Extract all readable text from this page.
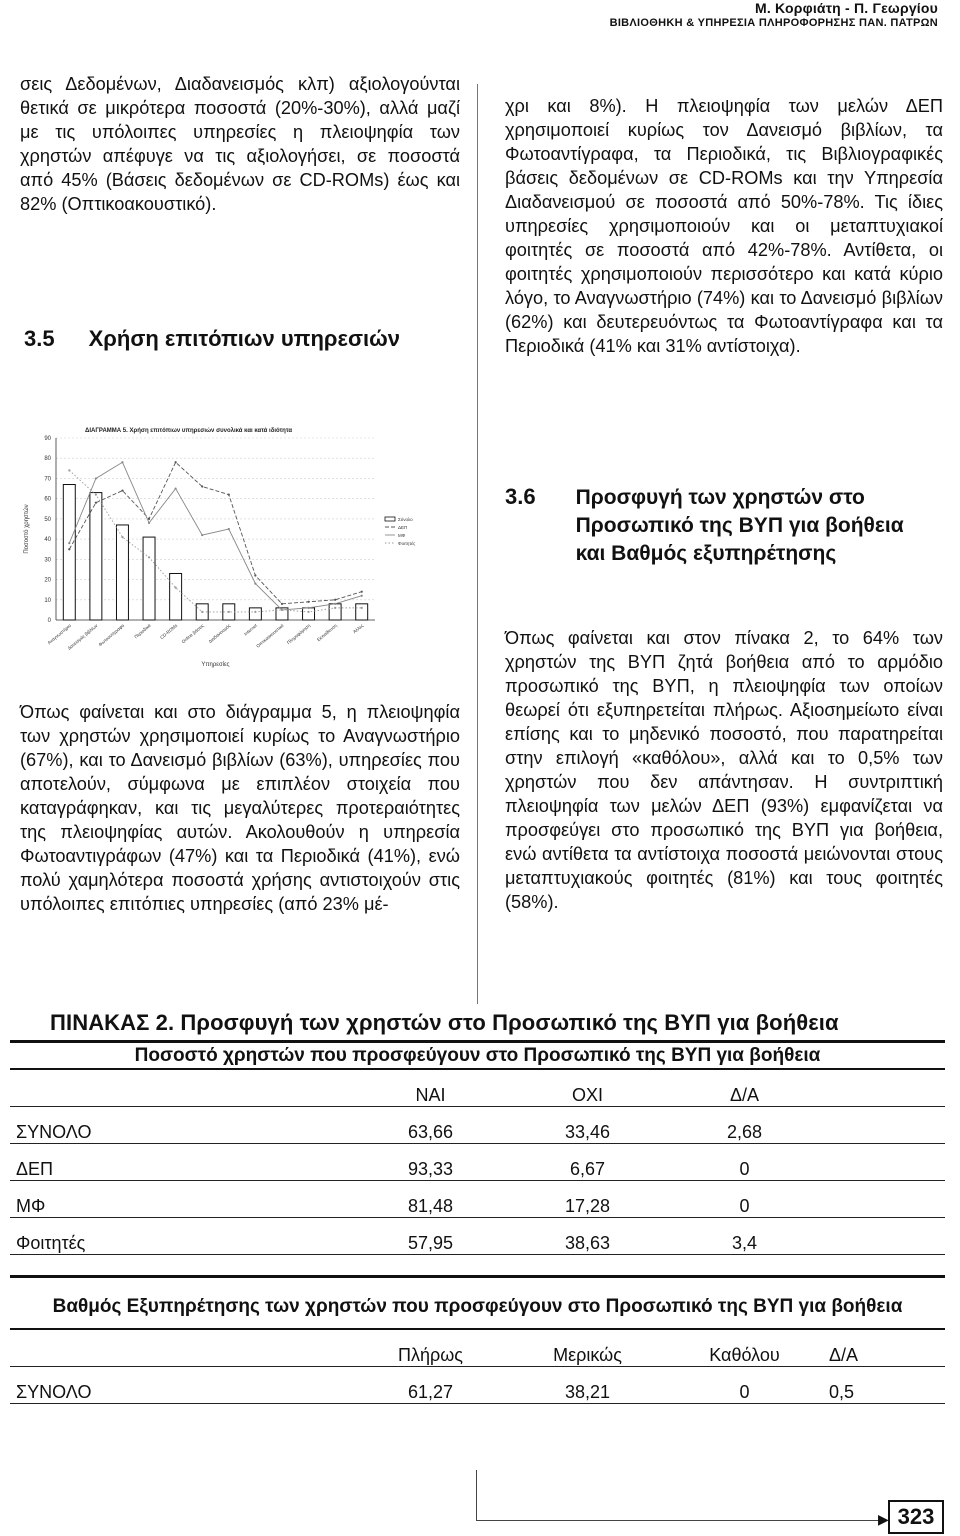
Μ. Κορφιάτη - Π. Γεωργίου
ΒΙΒΛΙΟΘΗΚΗ & ΥΠΗΡΕΣΙΑ ΠΛΗΡΟΦΟΡΗΣΗΣ ΠΑΝ. ΠΑΤΡΩΝ

σεις Δεδομένων, Διαδανεισμός κλπ) αξιολογούνται θετικά σε μικρότερα ποσοστά (20%-30%), αλλά μαζί με τις υπόλοιπες υπηρεσίες η πλειοψηφία των χρηστών απέφυγε να τις αξιολογήσει, σε ποσοστά από 45% (Βάσεις δεδομένων σε CD-ROMs) έως και 82% (Οπτικοακουστικό).

3.5 Χρήση επιτόπιων υπηρεσιών

χρι και 8%). Η πλειοψηφία των μελών ΔΕΠ χρησιμοποιεί κυρίως τον Δανεισμό βιβλίων, τα Φωτοαντίγραφα, τα Περιοδικά, τις Βιβλιογραφικές βάσεις δεδομένων σε CD-ROMs και την Υπηρεσία Διαδανεισμού σε ποσοστά από 50%-78%. Τις ίδιες υπηρεσίες χρησιμοποιούν και οι μεταπτυχιακοί φοιτητές σε ποσοστά από 42%-78%. Αντίθετα, οι φοιτητές χρησιμοποιούν περισσότερο και κατά κύριο λόγο, το Αναγνωστήριο (74%) και το Δανεισμό βιβλίων (62%) και δευτερευόντως τα Φωτοαντίγραφα και τα Περιοδικά (41% και 31% αντίστοιχα).

ΔΙΑΓΡΑΜΜΑ 5. Χρήση επιτόπιων υπηρεσιών συνολικά και κατά ιδιότητα
0
10
20
30
40
50
60
70
80
90
Αναγνωστήριο
Δανεισμός βιβλίων
Φωτοαντίγραφα Περιοδικά CD-ROMs Online βάσεις Διαδανεισμός	Internet
Οπτικοακουστικό Πληροφόρηση Εκπαίδευση	Άλλες
Υπηρεσίες
Ποσοστό χρηστών	Σύνολο
ΔΕΠ
ΜΦ
Φοιτητές
3.6 Προσφυγή των χρηστών στο Προσωπικό της ΒΥΠ για βοήθεια και Βαθμός εξυπηρέτησης

Όπως φαίνεται και στον πίνακα 2, το 64% των χρηστών της ΒΥΠ ζητά βοήθεια από το αρμόδιο προσωπικό της ΒΥΠ, η πλειοψηφία των οποίων θεωρεί ότι εξυπηρετείται πλήρως. Αξιοσημείωτο είναι επίσης και το μηδενικό ποσοστό, που παρατηρείται στην επιλογή «καθόλου», αλλά και το 0,5% των χρηστών που δεν απάντησαν. Η συντριπτική πλειοψηφία των μελών ΔΕΠ (93%) εμφανίζεται να προσφεύγει στο προσωπικό της ΒΥΠ για βοήθεια, ενώ αντίθετα τα αντίστοιχα ποσοστά μειώνονται στους μεταπτυχιακούς φοιτητές (81%) και τους φοιτητές (58%).

Όπως φαίνεται και στο διάγραμμα 5, η πλειοψηφία των χρηστών χρησιμοποιεί κυρίως το Αναγνωστήριο (67%), και το Δανεισμό βιβλίων (63%), υπηρεσίες που αποτελούν, σύμφωνα με επιπλέον στοιχεία που καταγράφηκαν, και τις μεγαλύτερες προτεραιότητες της πλειοψηφίας αυτών. Ακολουθούν η υπηρεσία Φωτοαντιγράφων (47%) και τα Περιοδικά (41%), ενώ πολύ χαμηλότερα ποσοστά χρήσης αντιστοιχούν στις υπόλοιπες επιτόπιες υπηρεσίες (από 23% μέ-

ΠΙΝΑΚΑΣ 2. Προσφυγή των χρηστών στο Προσωπικό της ΒΥΠ για βοήθεια
Ποσοστό χρηστών που προσφεύγουν στο Προσωπικό της ΒΥΠ για βοήθεια
	ΝΑΙ	ΟΧΙ	Δ/Α	
ΣΥΝΟΛΟ	63,66	33,46	2,68	
ΔΕΠ	93,33	6,67	0	
ΜΦ	81,48	17,28	0	
Φοιτητές	57,95	38,63	3,4	
Βαθμός Εξυπηρέτησης των χρηστών που προσφεύγουν στο Προσωπικό της ΒΥΠ για βοήθεια
	Πλήρως	Μερικώς	Καθόλου	Δ/Α
ΣΥΝΟΛΟ	61,27	38,21	0	0,5
▶ 323
